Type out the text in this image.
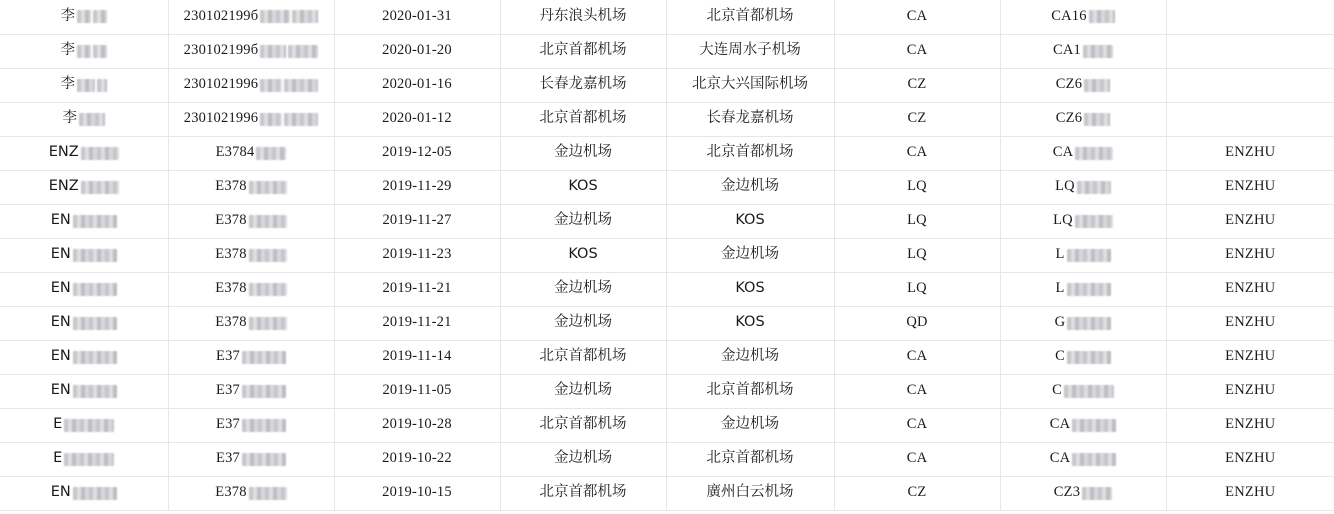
李	230102199б	2020-01-31	丹东浪头机场	北京首都机场	CA	CA16	

李	230102199б	2020-01-20	北京首都机场	大连周水子机场	CA	CA1	

李	2301021996	2020-01-16	长春龙嘉机场	北京大兴国际机场	CZ	CZ6	

李	2301021996	2020-01-12	北京首都机场	长春龙嘉机场	CZ	CZ6	

ENZ	E3784	2019-12-05	金边机场	北京首都机场	CA	CA	ENZHU

ENZ	E378	2019-11-29	KOS	金边机场	LQ	LQ	ENZHU

EN	E378	2019-11-27	金边机场	KOS	LQ	LQ	ENZHU

EN	E378	2019-11-23	KOS	金边机场	LQ	L	ENZHU

EN	E378	2019-11-21	金边机场	KOS	LQ	L	ENZHU

EN	E378	2019-11-21	金边机场	KOS	QD	G	ENZHU

EN	E37	2019-11-14	北京首都机场	金边机场	CA	C	ENZHU

EN	E37	2019-11-05	金边机场	北京首都机场	CA	C	ENZHU

E	E37	2019-10-28	北京首都机场	金边机场	CA	CA	ENZHU

E	E37	2019-10-22	金边机场	北京首都机场	CA	CA	ENZHU

EN	E378	2019-10-15	北京首都机场	廣州白云机场	CZ	CZ3	ENZHU
